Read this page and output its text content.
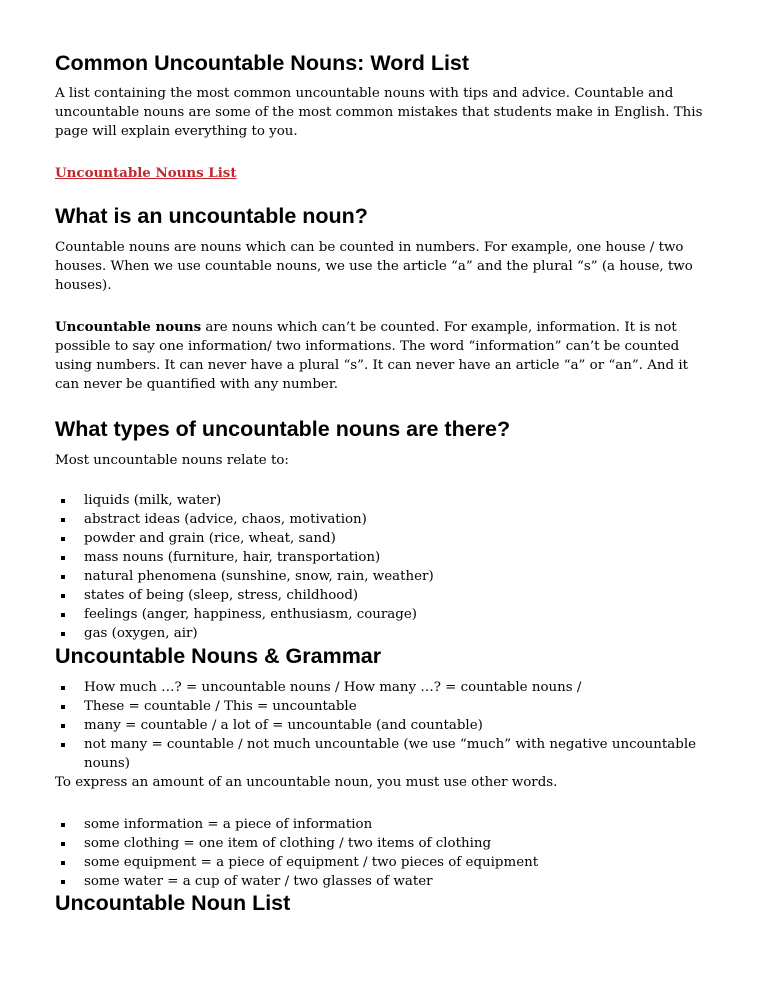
Common Uncountable Nouns: Word List

A list containing the most common uncountable nouns with tips and advice. Countable and uncountable nouns are some of the most common mistakes that students make in English. This page will explain everything to you.

Uncountable Nouns List
What is an uncountable noun?

Countable nouns are nouns which can be counted in numbers. For example, one house / two houses. When we use countable nouns, we use the article “a” and the plural “s” (a house, two houses).

Uncountable nouns are nouns which can’t be counted. For example, information. It is not possible to say one information/ two informations. The word “information” can’t be counted using numbers. It can never have a plural “s”. It can never have an article “a” or “an”. And it can never be quantified with any number.

What types of uncountable nouns are there?

Most uncountable nouns relate to:

liquids (milk, water)
abstract ideas (advice, chaos, motivation)
powder and grain (rice, wheat, sand)
mass nouns (furniture, hair, transportation)
natural phenomena (sunshine, snow, rain, weather)
states of being (sleep, stress, childhood)
feelings (anger, happiness, enthusiasm, courage)
gas (oxygen, air)
Uncountable Nouns & Grammar
How much …? = uncountable nouns / How many …? = countable nouns /
These = countable / This = uncountable
many = countable / a lot of = uncountable (and countable)
not many = countable / not much uncountable (we use “much” with negative uncountable nouns)

To express an amount of an uncountable noun, you must use other words.

some information = a piece of information
some clothing = one item of clothing / two items of clothing
some equipment = a piece of equipment / two pieces of equipment
some water = a cup of water / two glasses of water
Uncountable Noun List
